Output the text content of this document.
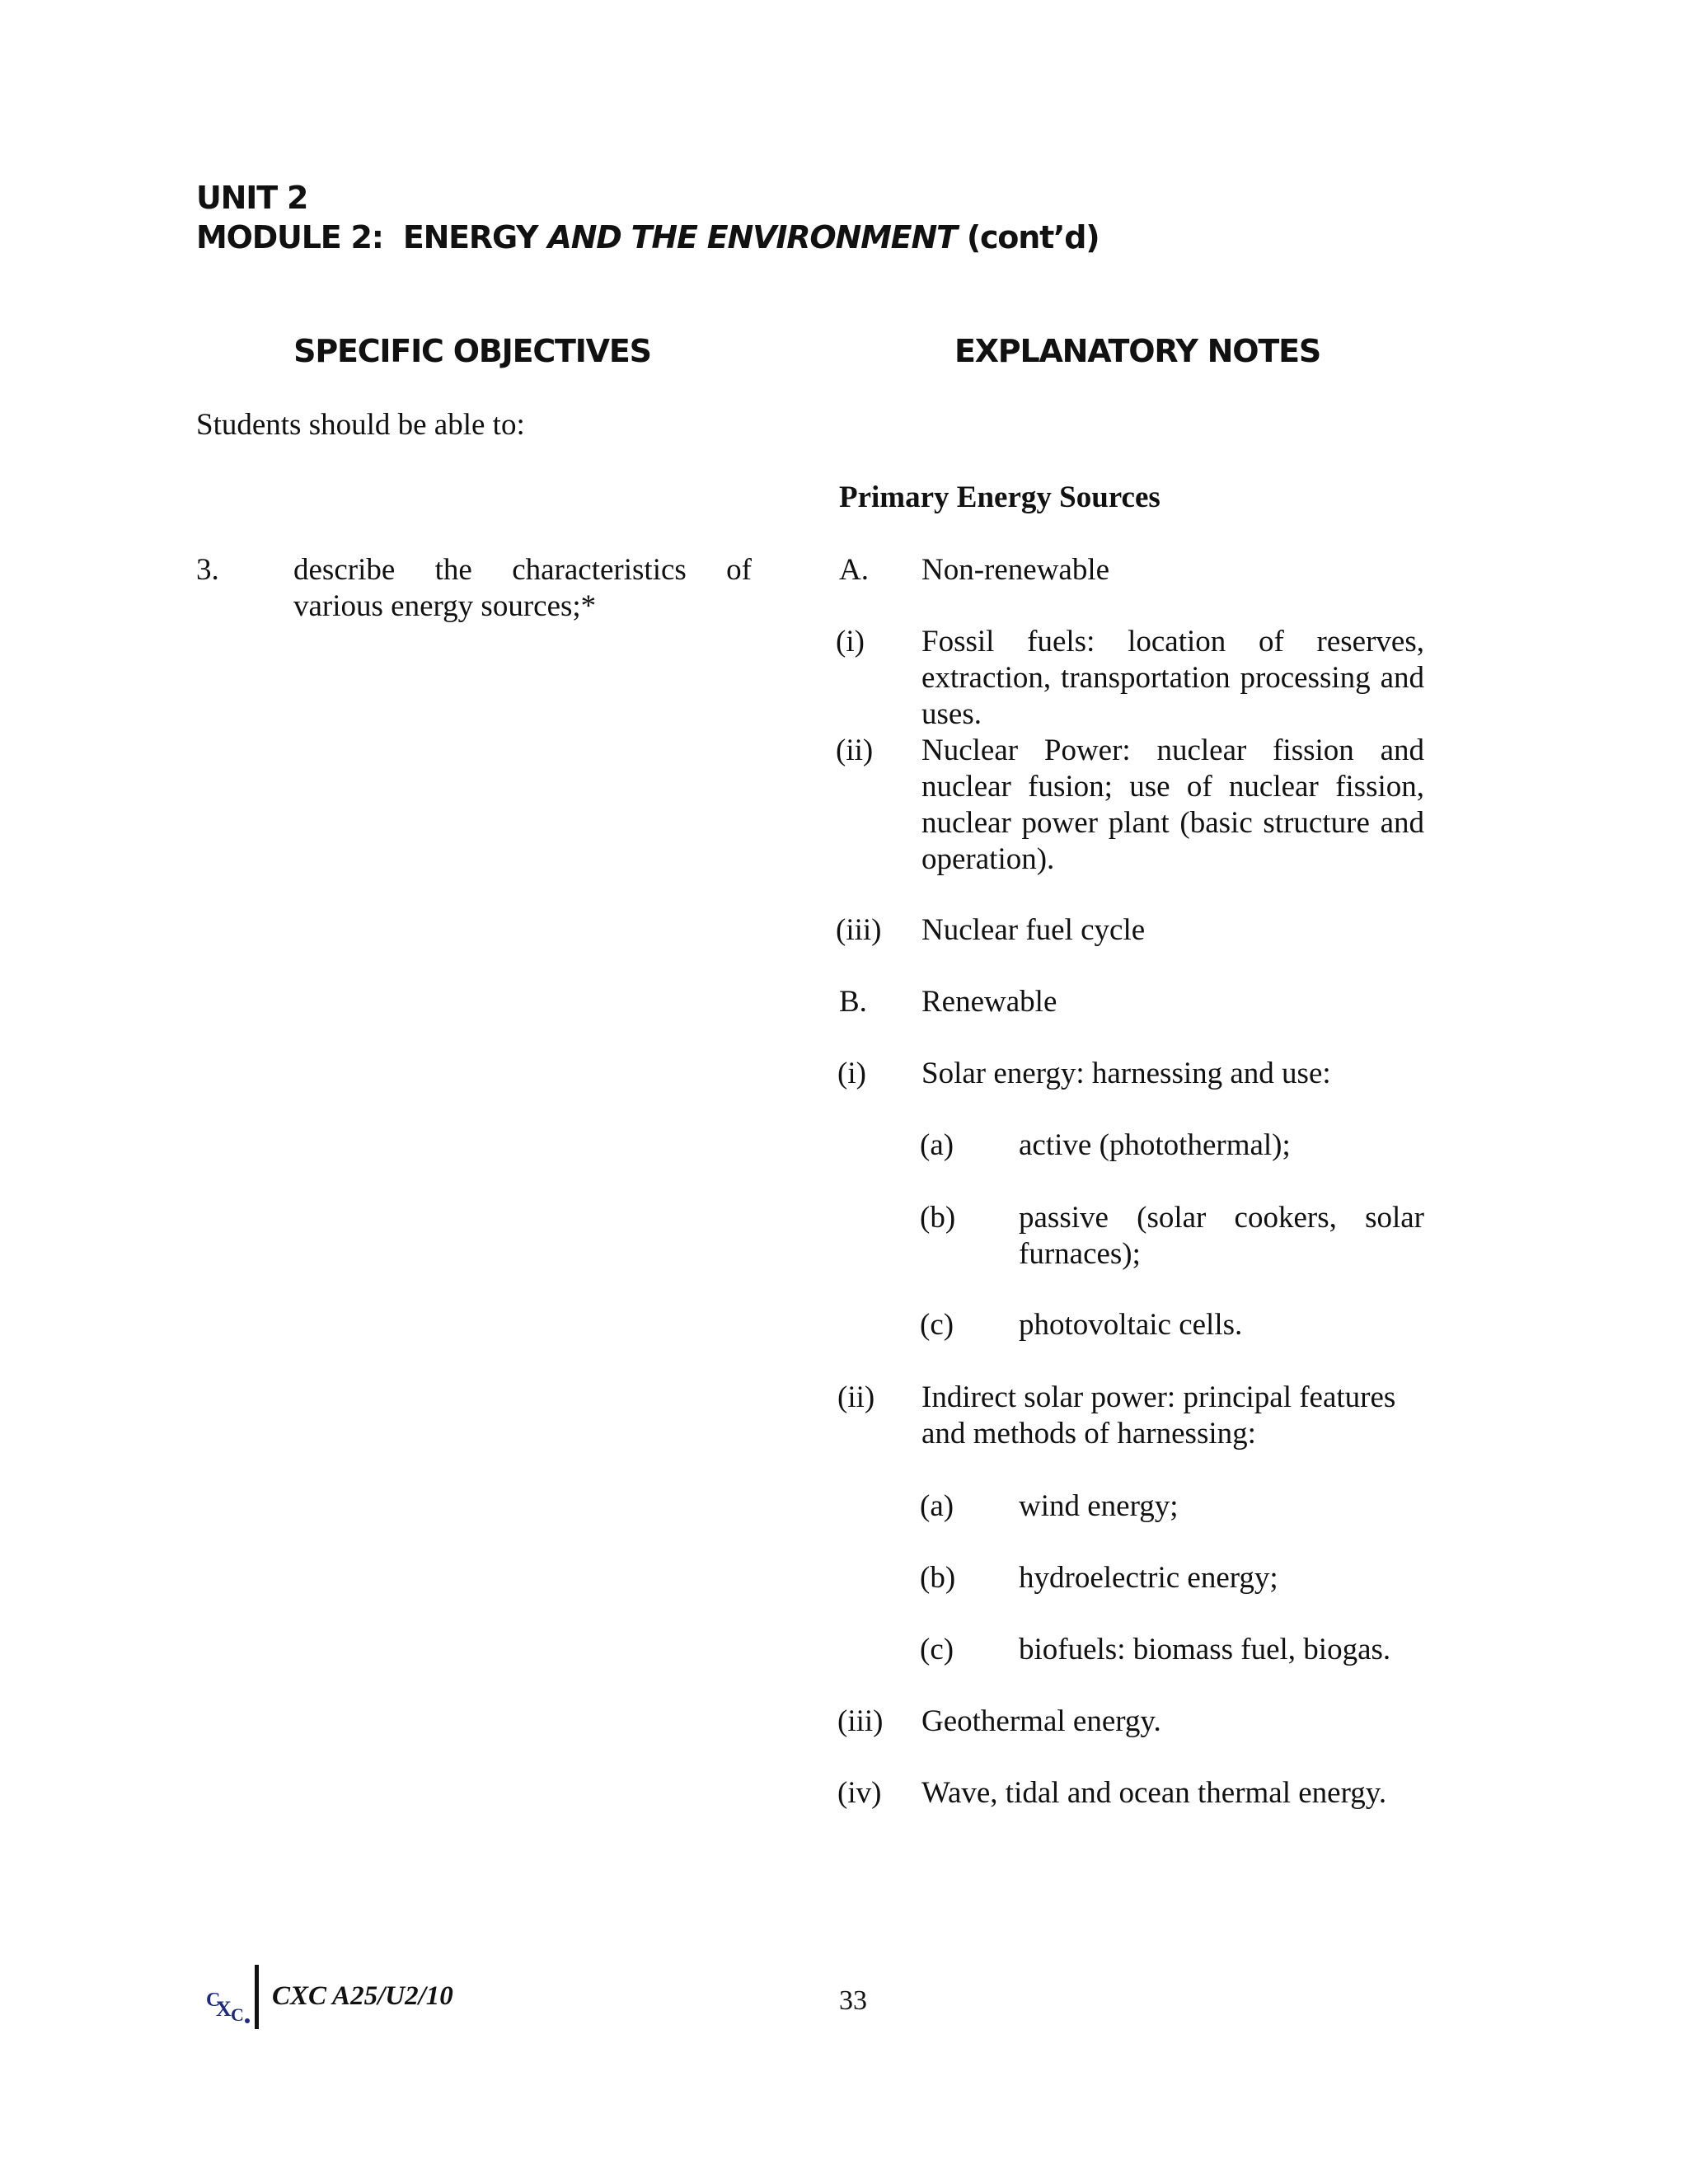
UNIT 2
MODULE 2:  ENERGY AND THE ENVIRONMENT (cont’d)
SPECIFIC OBJECTIVES	EXPLANATORY NOTES
Students should be able to:
3. describe the characteristics of
various energy sources;*
Primary Energy Sources
A. Non-renewable
(i) Fossil fuels: location of reserves, extraction, transportation processing and uses.
(ii) Nuclear Power: nuclear fission and nuclear fusion; use of nuclear fission, nuclear power plant (basic structure and operation).
(iii) Nuclear fuel cycle
B. Renewable
(i) Solar energy: harnessing and use:
(a) active (photothermal);
(b) passive (solar cookers, solar furnaces);
(c) photovoltaic cells.
(ii) Indirect solar power: principal features and methods of harnessing:
(a) wind energy;
(b) hydroelectric energy;
(c) biofuels: biomass fuel, biogas.
(iii) Geothermal energy.
(iv) Wave, tidal and ocean thermal energy.
C
X C
CXC A25/U2/10	33
